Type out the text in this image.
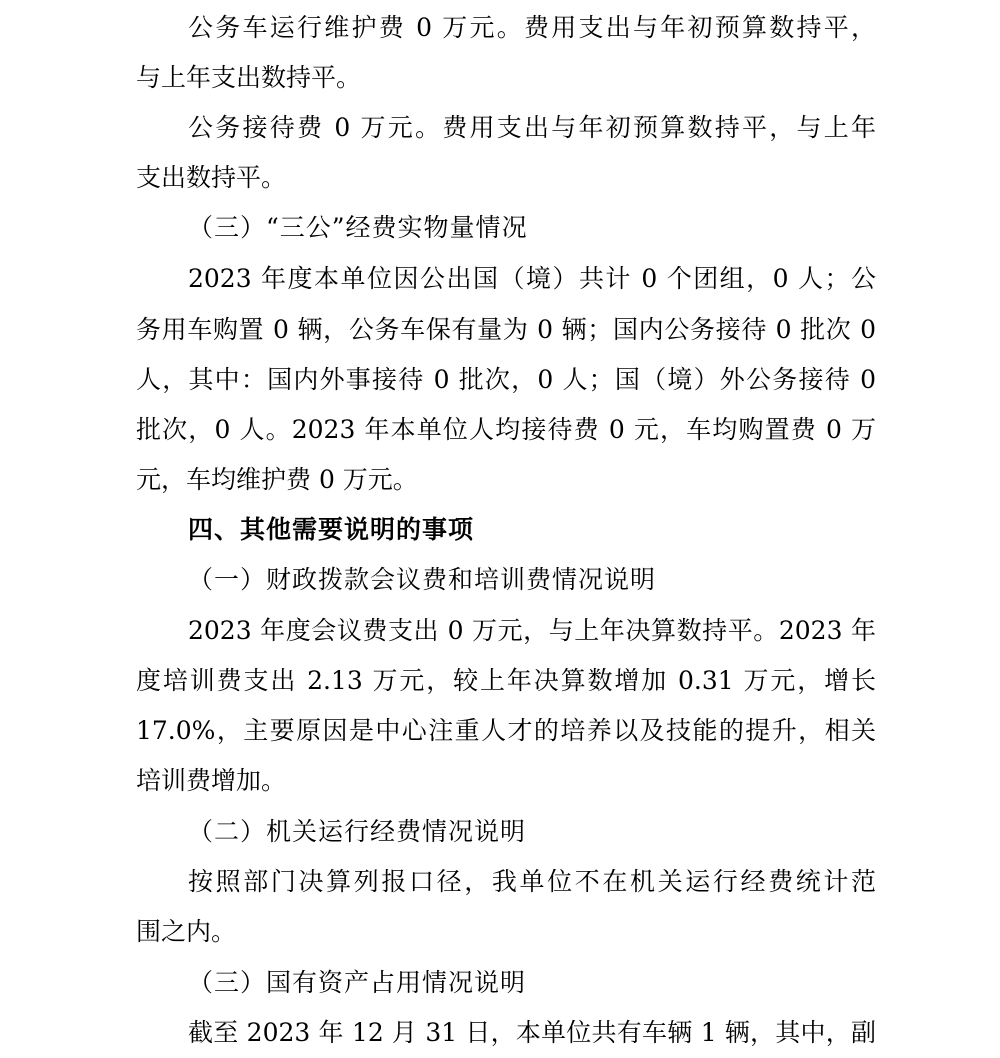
公务车运行维护费 0 万元。费用支出与年初预算数持平，
与上年支出数持平。
公务接待费 0 万元。费用支出与年初预算数持平，与上年
支出数持平。
（三）“三公”经费实物量情况
2023 年度本单位因公出国（境）共计 0 个团组，0 人；公
务用车购置 0 辆，公务车保有量为 0 辆；国内公务接待 0 批次 0
人，其中：国内外事接待 0 批次，0 人；国（境）外公务接待 0
批次，0 人。2023 年本单位人均接待费 0 元，车均购置费 0 万
元，车均维护费 0 万元。
四、其他需要说明的事项
（一）财政拨款会议费和培训费情况说明
2023 年度会议费支出 0 万元，与上年决算数持平。2023 年
度培训费支出 2.13 万元，较上年决算数增加 0.31 万元，增长
17.0%，主要原因是中心注重人才的培养以及技能的提升，相关
培训费增加。
（二）机关运行经费情况说明
按照部门决算列报口径，我单位不在机关运行经费统计范
围之内。
（三）国有资产占用情况说明
截至 2023 年 12 月 31 日，本单位共有车辆 1 辆，其中，副
